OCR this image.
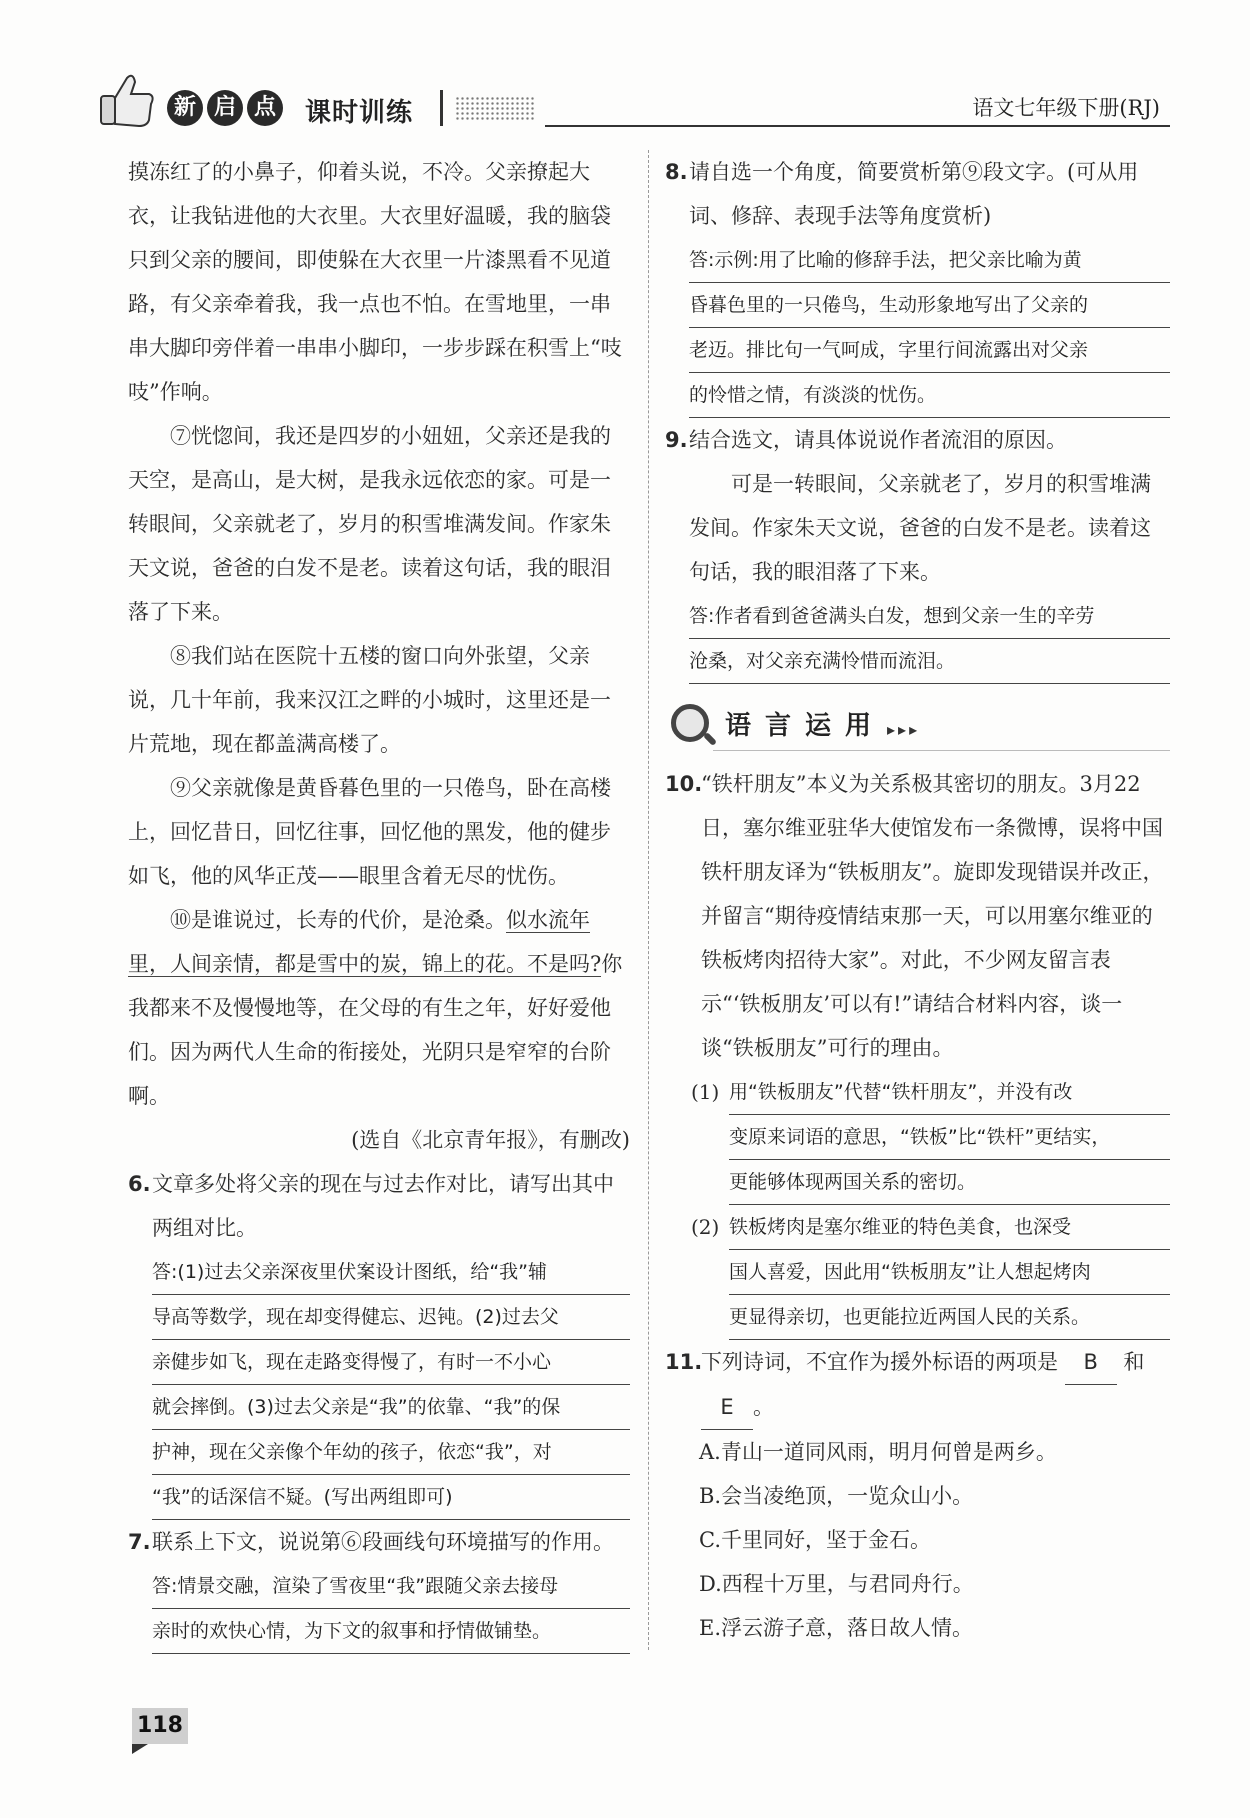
新 启 点 课时训练	语文七年级下册(RJ)

摸冻红了的小鼻子，仰着头说，不冷。父亲撩起大衣，让我钻进他的大衣里。大衣里好温暖，我的脑袋只到父亲的腰间，即使躲在大衣里一片漆黑看不见道路，有父亲牵着我，我一点也不怕。在雪地里，一串串大脚印旁伴着一串串小脚印，一步步踩在积雪上“吱吱”作响。

⑦恍惚间，我还是四岁的小妞妞，父亲还是我的天空，是高山，是大树，是我永远依恋的家。可是一转眼间，父亲就老了，岁月的积雪堆满发间。作家朱天文说，爸爸的白发不是老。读着这句话，我的眼泪落了下来。

⑧我们站在医院十五楼的窗口向外张望，父亲说，几十年前，我来汉江之畔的小城时，这里还是一片荒地，现在都盖满高楼了。

⑨父亲就像是黄昏暮色里的一只倦鸟，卧在高楼上，回忆昔日，回忆往事，回忆他的黑发，他的健步如飞，他的风华正茂——眼里含着无尽的忧伤。

⑩是谁说过，长寿的代价，是沧桑。似水流年里，人间亲情，都是雪中的炭，锦上的花。不是吗?你我都来不及慢慢地等，在父母的有生之年，好好爱他们。因为两代人生命的衔接处，光阴只是窄窄的台阶啊。

(选自《北京青年报》，有删改)

6. 文章多处将父亲的现在与过去作对比，请写出其中两组对比。
答:(1)过去父亲深夜里伏案设计图纸，给“我”辅
导高等数学，现在却变得健忘、迟钝。(2)过去父
亲健步如飞，现在走路变得慢了，有时一不小心
就会摔倒。(3)过去父亲是“我”的依靠、“我”的保
护神，现在父亲像个年幼的孩子，依恋“我”，对
“我”的话深信不疑。(写出两组即可)
7. 联系上下文，说说第⑥段画线句环境描写的作用。
答:情景交融，渲染了雪夜里“我”跟随父亲去接母
亲时的欢快心情，为下文的叙事和抒情做铺垫。
8. 请自选一个角度，简要赏析第⑨段文字。(可从用词、修辞、表现手法等角度赏析)
答:示例:用了比喻的修辞手法，把父亲比喻为黄
昏暮色里的一只倦鸟，生动形象地写出了父亲的
老迈。排比句一气呵成，字里行间流露出对父亲
的怜惜之情，有淡淡的忧伤。
9. 结合选文，请具体说说作者流泪的原因。

可是一转眼间，父亲就老了，岁月的积雪堆满发间。作家朱天文说，爸爸的白发不是老。读着这句话，我的眼泪落了下来。

答:作者看到爸爸满头白发，想到父亲一生的辛劳
沧桑，对父亲充满怜惜而流泪。
语言运用 ▸▸▸
10.
“铁杆朋友”本义为关系极其密切的朋友。3月22日，塞尔维亚驻华大使馆发布一条微博，误将中国铁杆朋友译为“铁板朋友”。旋即发现错误并改正，并留言“期待疫情结束那一天，可以用塞尔维亚的铁板烤肉招待大家”。对此，不少网友留言表示“‘铁板朋友’可以有!”请结合材料内容，谈一谈“铁板朋友”可行的理由。
(1) 用“铁板朋友”代替“铁杆朋友”，并没有改
变原来词语的意思，“铁板”比“铁杆”更结实，
更能够体现两国关系的密切。
(2) 铁板烤肉是塞尔维亚的特色美食，也深受
国人喜爱，因此用“铁板朋友”让人想起烤肉
更显得亲切，也更能拉近两国人民的关系。
11.
下列诗词，不宜作为援外标语的两项是 B 和 E 。

A.青山一道同风雨，明月何曾是两乡。

B.会当凌绝顶，一览众山小。

C.千里同好，坚于金石。

D.西程十万里，与君同舟行。

E.浮云游子意，落日故人情。

118
